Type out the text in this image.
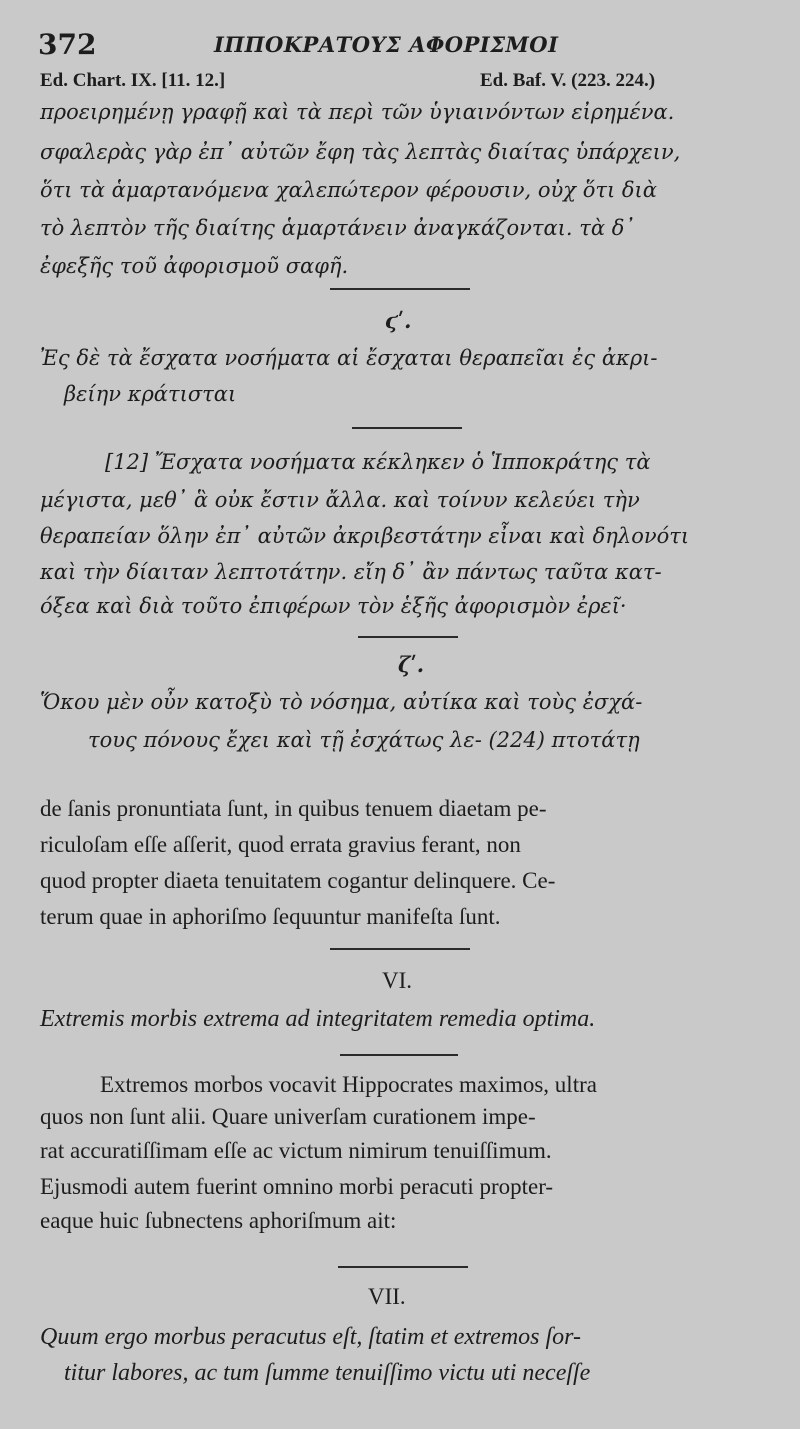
372	ΙΠΠΟΚΡΑΤΟΥΣ ΑΦΟΡΙΣΜΟΙ
Ed. Chart. IX. [11. 12.]	Ed. Baf. V. (223. 224.)
προειρημένῃ γραφῇ καὶ τὰ περὶ τῶν ὑγιαινόντων εἰρημένα.
σφαλερὰς γὰρ ἐπ᾽ αὐτῶν ἔφη τὰς λεπτὰς διαίτας ὑπάρχειν,
ὅτι τὰ ἁμαρτανόμενα χαλεπώτερον φέρουσιν, οὐχ ὅτι διὰ
τὸ λεπτὸν τῆς διαίτης ἁμαρτάνειν ἀναγκάζονται. τὰ δ᾽
ἐφεξῆς τοῦ ἀφορισμοῦ σαφῆ.
ϛʹ.
Ἐς δὲ τὰ ἔσχατα νοσήματα αἱ ἔσχαται θεραπεῖαι ἐς ἀκρι-
βείην κράτισται
[12] Ἔσχατα νοσήματα κέκληκεν ὁ Ἱπποκράτης τὰ
μέγιστα, μεθ᾽ ἃ οὐκ ἔστιν ἄλλα. καὶ τοίνυν κελεύει τὴν
θεραπείαν ὅλην ἐπ᾽ αὐτῶν ἀκριβεστάτην εἶναι καὶ δηλονότι
καὶ τὴν δίαιταν λεπτοτάτην. εἴη δ᾽ ἂν πάντως ταῦτα κατ-
όξεα καὶ διὰ τοῦτο ἐπιφέρων τὸν ἑξῆς ἀφορισμὸν ἐρεῖ·
ζʹ.
Ὅκου μὲν οὖν κατοξὺ τὸ νόσημα, αὐτίκα καὶ τοὺς ἐσχά-
τους πόνους ἔχει καὶ τῇ ἐσχάτως λε- (224) πτοτάτῃ
de ſanis pronuntiata ſunt, in quibus tenuem diaetam pe-
riculoſam eſſe aſſerit, quod errata gravius ferant, non
quod propter diaeta tenuitatem cogantur delinquere. Ce-
terum quae in aphoriſmo ſequuntur manifeſta ſunt.
VI.
Extremis morbis extrema ad integritatem remedia optima.
Extremos morbos vocavit Hippocrates maximos, ultra
quos non ſunt alii. Quare univerſam curationem impe-
rat accuratiſſimam eſſe ac victum nimirum tenuiſſimum.
Ejusmodi autem fuerint omnino morbi peracuti propter-
eaque huic ſubnectens aphoriſmum ait:
VII.
Quum ergo morbus peracutus eſt, ſtatim et extremos ſor-
titur labores, ac tum ſumme tenuiſſimo victu uti neceſſe
